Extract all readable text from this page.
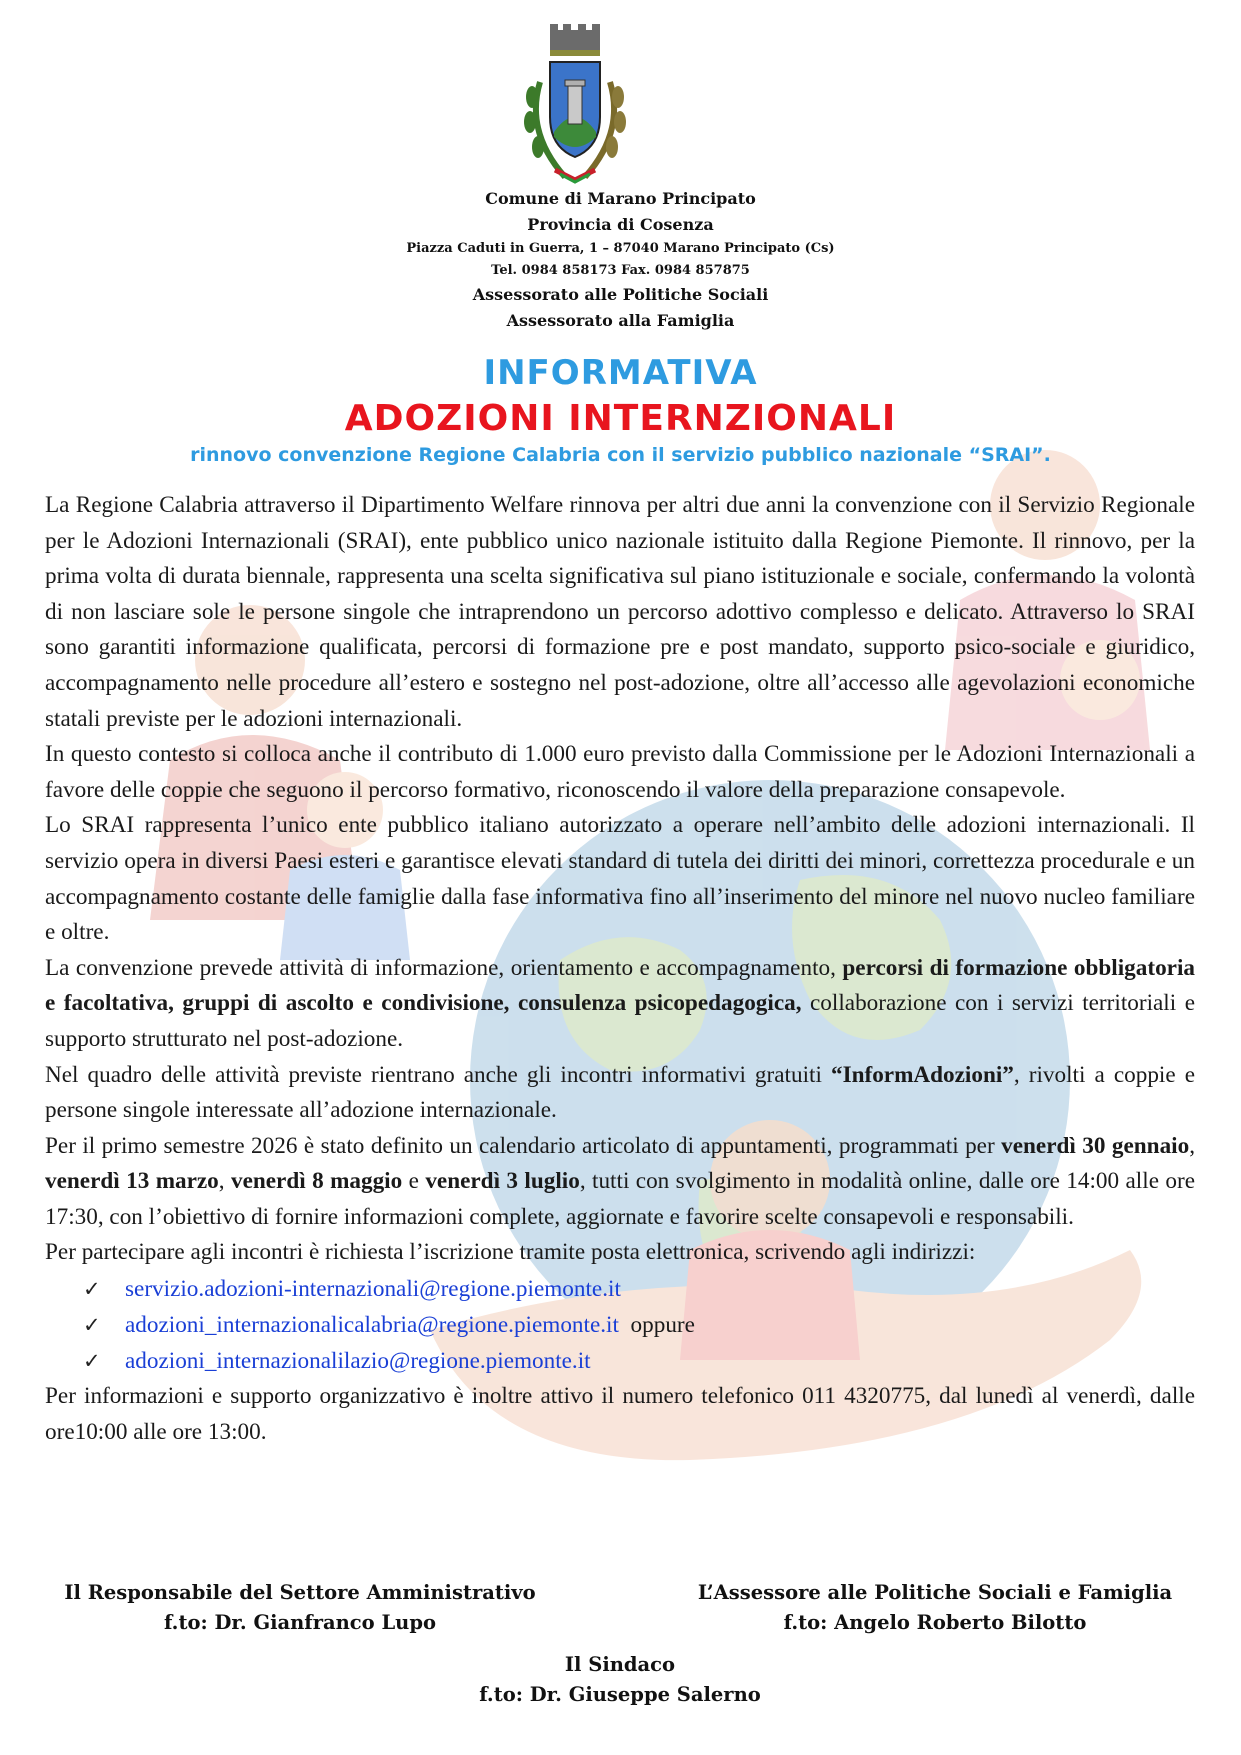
Comune di Marano Principato
Provincia di Cosenza
Piazza Caduti in Guerra, 1 – 87040 Marano Principato (Cs)
Tel. 0984 858173 Fax. 0984 857875
Assessorato alle Politiche Sociali
Assessorato alla Famiglia
INFORMATIVA
ADOZIONI INTERNZIONALI
rinnovo convenzione Regione Calabria con il servizio pubblico nazionale “SRAI”.

La Regione Calabria attraverso il Dipartimento Welfare rinnova per altri due anni la convenzione con il Servizio Regionale per le Adozioni Internazionali (SRAI), ente pubblico unico nazionale istituito dalla Regione Piemonte. Il rinnovo, per la prima volta di durata biennale, rappresenta una scelta significativa sul piano istituzionale e sociale, confermando la volontà di non lasciare sole le persone singole che intraprendono un percorso adottivo complesso e delicato. Attraverso lo SRAI sono garantiti informazione qualificata, percorsi di formazione pre e post mandato, supporto psico-sociale e giuridico, accompagnamento nelle procedure all’estero e sostegno nel post-adozione, oltre all’accesso alle agevolazioni economiche statali previste per le adozioni internazionali.

In questo contesto si colloca anche il contributo di 1.000 euro previsto dalla Commissione per le Adozioni Internazionali a favore delle coppie che seguono il percorso formativo, riconoscendo il valore della preparazione consapevole.

Lo SRAI rappresenta l’unico ente pubblico italiano autorizzato a operare nell’ambito delle adozioni internazionali. Il servizio opera in diversi Paesi esteri e garantisce elevati standard di tutela dei diritti dei minori, correttezza procedurale e un accompagnamento costante delle famiglie dalla fase informativa fino all’inserimento del minore nel nuovo nucleo familiare e oltre.

La convenzione prevede attività di informazione, orientamento e accompagnamento, percorsi di formazione obbligatoria e facoltativa, gruppi di ascolto e condivisione, consulenza psicopedagogica, collaborazione con i servizi territoriali e supporto strutturato nel post-adozione.

Nel quadro delle attività previste rientrano anche gli incontri informativi gratuiti “InformAdozioni”, rivolti a coppie e persone singole interessate all’adozione internazionale.

Per il primo semestre 2026 è stato definito un calendario articolato di appuntamenti, programmati per venerdì 30 gennaio, venerdì 13 marzo, venerdì 8 maggio e venerdì 3 luglio, tutti con svolgimento in modalità online, dalle ore 14:00 alle ore 17:30, con l’obiettivo di fornire informazioni complete, aggiornate e favorire scelte consapevoli e responsabili.

Per partecipare agli incontri è richiesta l’iscrizione tramite posta elettronica, scrivendo agli indirizzi:

✓ servizio.adozioni-internazionali@regione.piemonte.it
✓ adozioni_internazionalicalabria@regione.piemonte.it  oppure
✓ adozioni_internazionalilazio@regione.piemonte.it

Per informazioni e supporto organizzativo è inoltre attivo il numero telefonico 011 4320775, dal lunedì al venerdì, dalle ore10:00 alle ore 13:00.

Il Responsabile del Settore Amministrativo
f.to: Dr. Gianfranco Lupo
L’Assessore alle Politiche Sociali e Famiglia
f.to: Angelo Roberto Bilotto
Il Sindaco
f.to: Dr. Giuseppe Salerno
